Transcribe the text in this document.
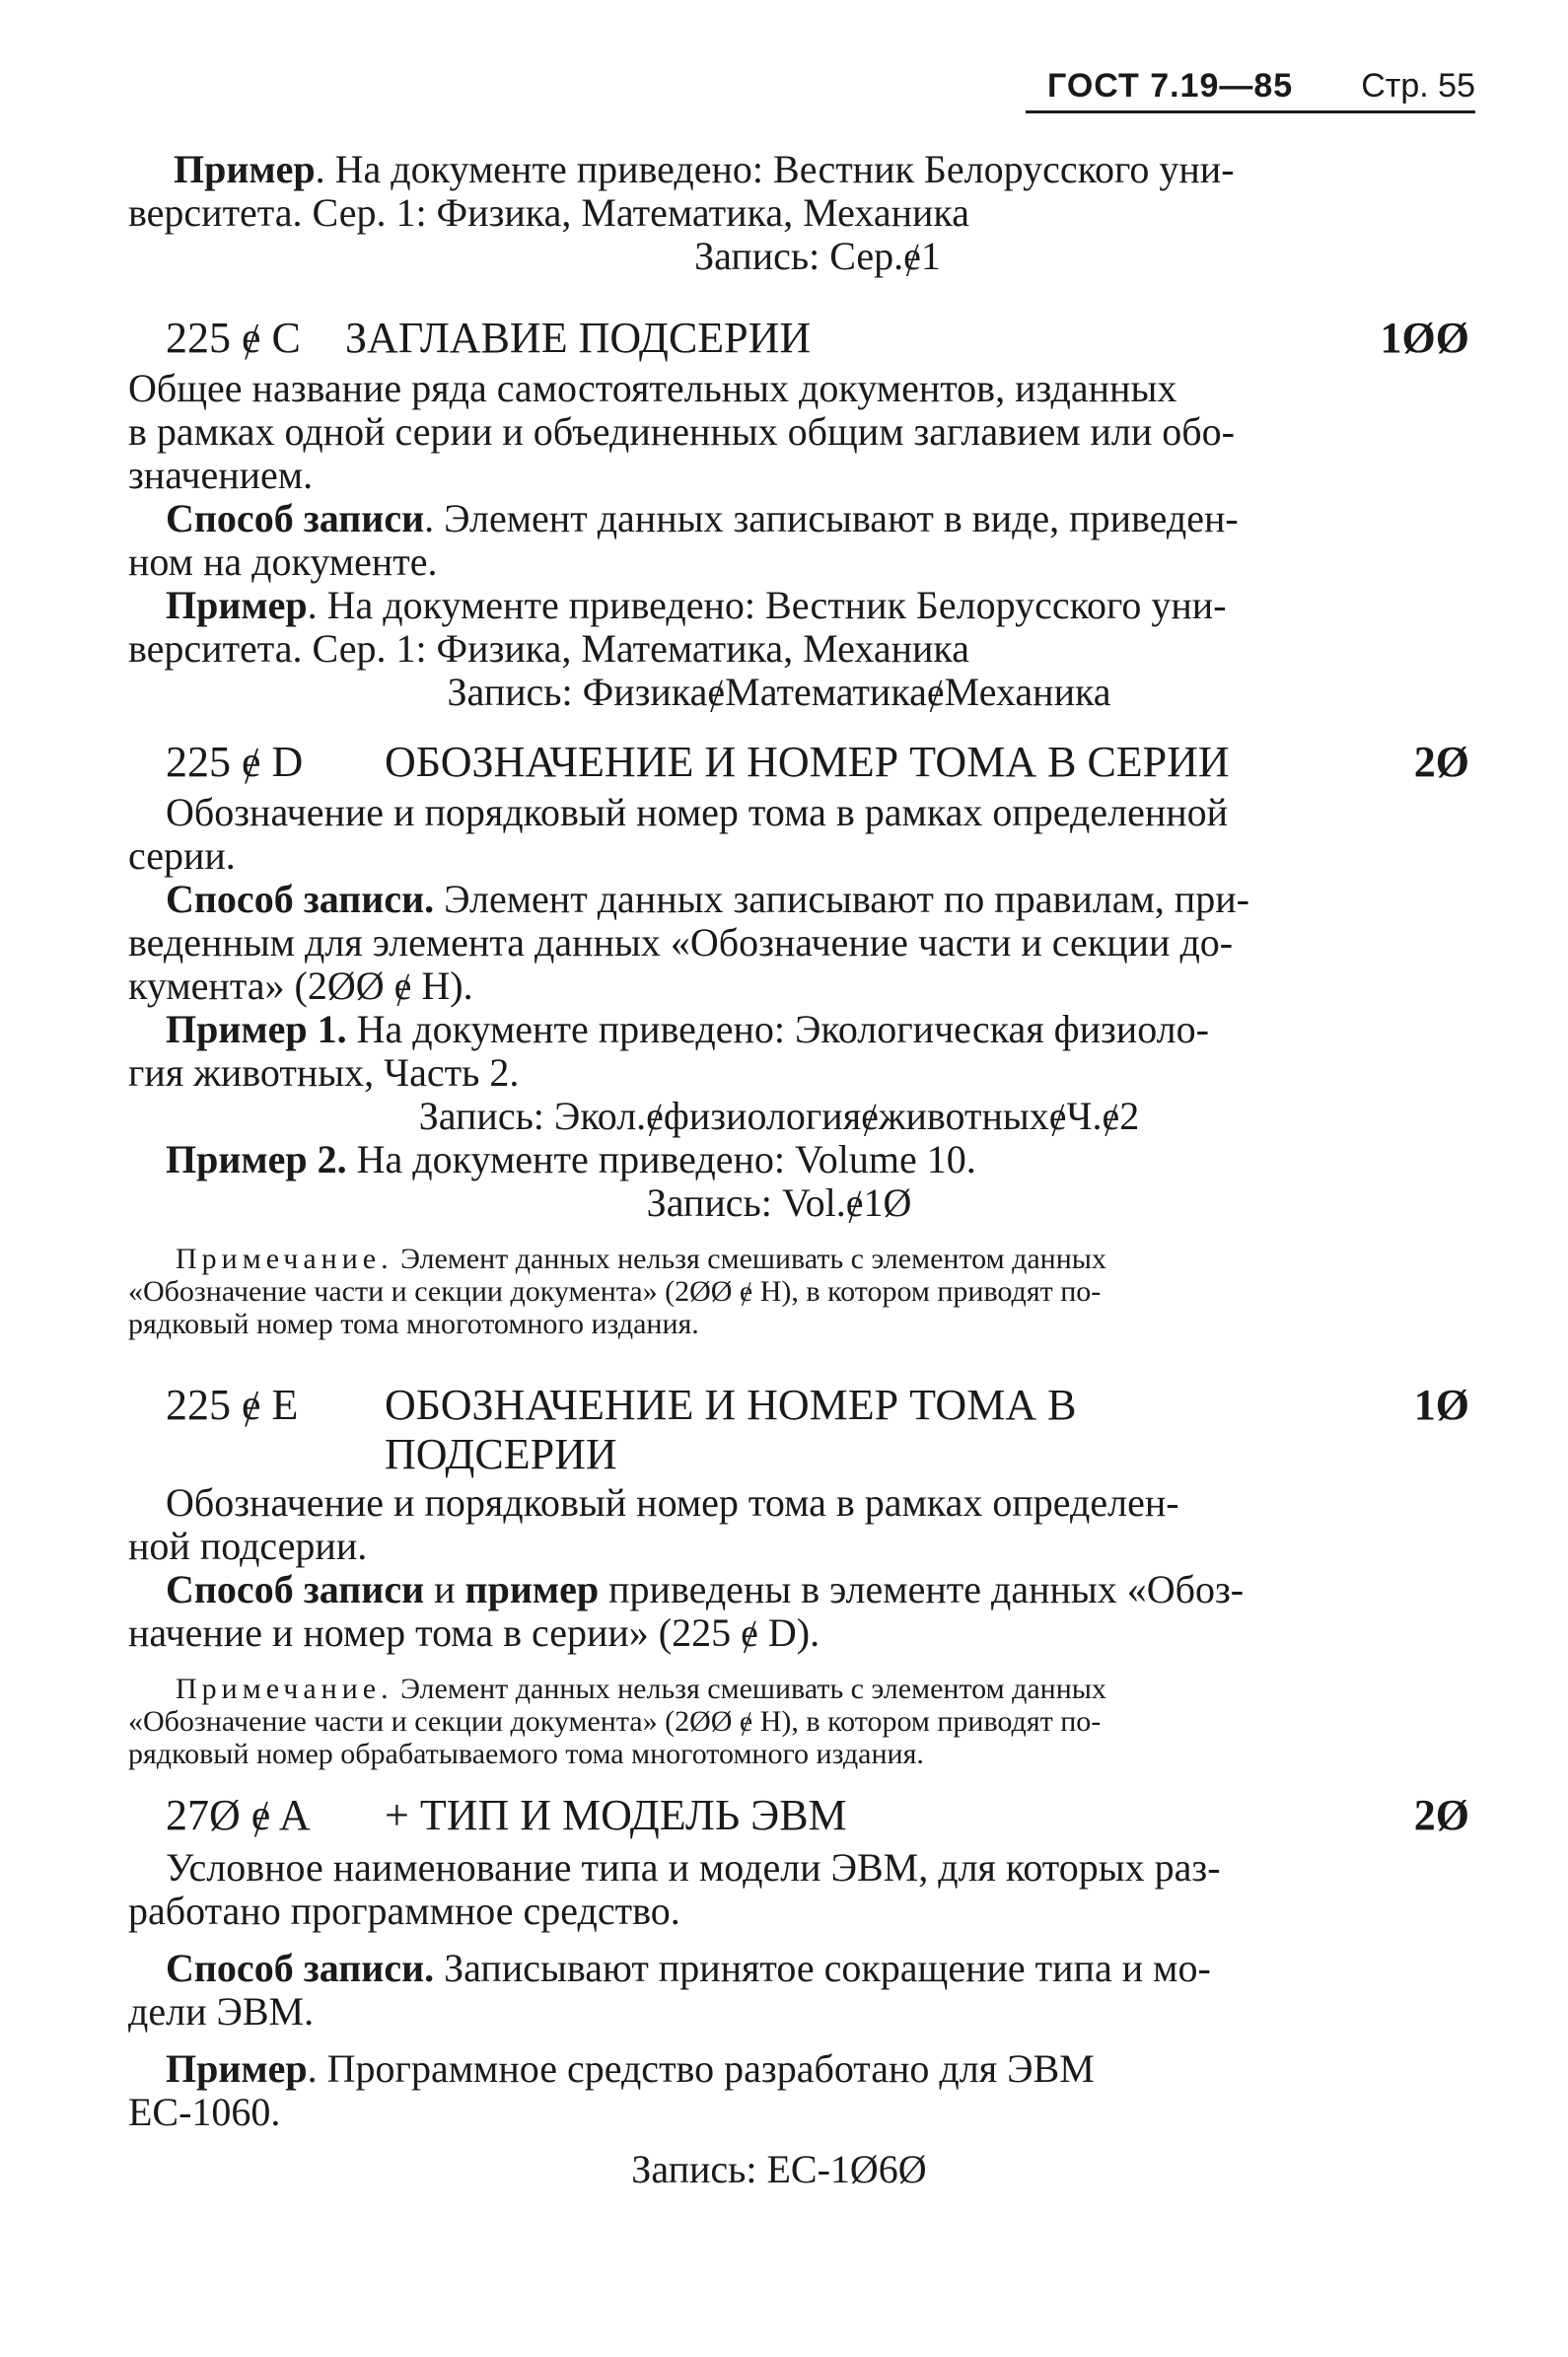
ГОСТ 7.19—85 Стр. 55
Пример. На документе приведено: Вестник Белорусского уни-
верситета. Сер. 1: Физика, Математика, Механика
Запись: Сер.ɇ1
225 ɇ C ЗАГЛАВИЕ ПОДСЕРИИ	1ØØ
Общее название ряда самостоятельных документов, изданных
в рамках одной серии и объединенных общим заглавием или обо-
значением.
Способ записи. Элемент данных записывают в виде, приведен-
ном на документе.
Пример. На документе приведено: Вестник Белорусского уни-
верситета. Сер. 1: Физика, Математика, Механика
Запись: ФизикаɇМатематикаɇМеханика
225 ɇ D ОБОЗНАЧЕНИЕ И НОМЕР ТОМА В СЕРИИ	2Ø
Обозначение и порядковый номер тома в рамках определенной
серии.
Способ записи. Элемент данных записывают по правилам, при-
веденным для элемента данных «Обозначение части и секции до-
кумента» (2ØØ ɇ H).
Пример 1. На документе приведено: Экологическая физиоло-
гия животных, Часть 2.
Запись: Экол.ɇфизиологияɇживотныхɇЧ.ɇ2
Пример 2. На документе приведено: Volume 10.
Запись: Vol.ɇ1Ø
Примечание. Элемент данных нельзя смешивать с элементом данных
«Обозначение части и секции документа» (2ØØ ɇ H), в котором приводят по-
рядковый номер тома многотомного издания.
225 ɇ E ОБОЗНАЧЕНИЕ И НОМЕР ТОМА В	1Ø
ПОДСЕРИИ
Обозначение и порядковый номер тома в рамках определен-
ной подсерии.
Способ записи и пример приведены в элементе данных «Обоз-
начение и номер тома в серии» (225 ɇ D).
Примечание. Элемент данных нельзя смешивать с элементом данных
«Обозначение части и секции документа» (2ØØ ɇ H), в котором приводят по-
рядковый номер обрабатываемого тома многотомного издания.
27Ø ɇ A + ТИП И МОДЕЛЬ ЭВМ	2Ø
Условное наименование типа и модели ЭВМ, для которых раз-
работано программное средство.
Способ записи. Записывают принятое сокращение типа и мо-
дели ЭВМ.
Пример. Программное средство разработано для ЭВМ
ЕС-1060.
Запись: ЕС-1Ø6Ø
